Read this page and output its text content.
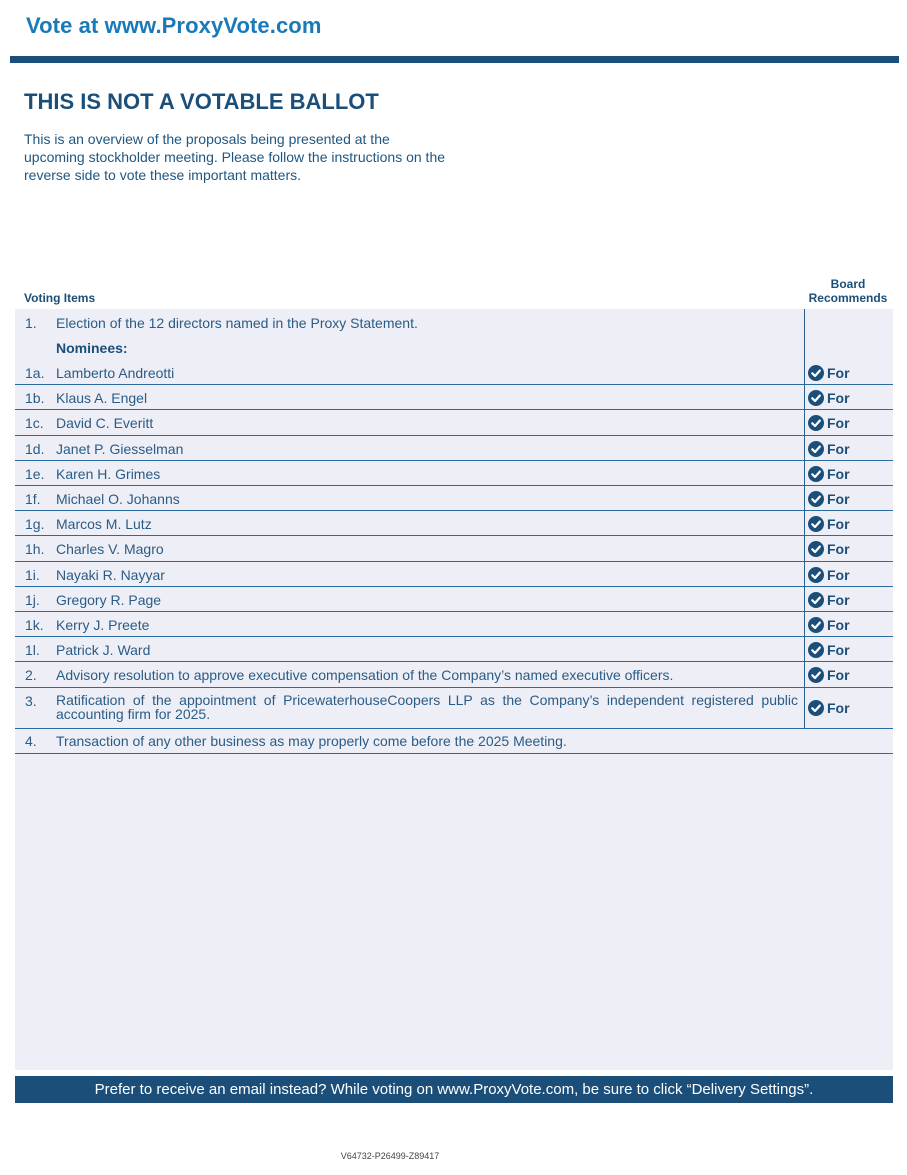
Vote at www.ProxyVote.com
THIS IS NOT A VOTABLE BALLOT
This is an overview of the proposals being presented at the upcoming stockholder meeting. Please follow the instructions on the reverse side to vote these important matters.
Voting Items
Board
Recommends
1. Election of the 12 directors named in the Proxy Statement.
Nominees:
1a. Lamberto Andreotti	For
1b. Klaus A. Engel	For
1c. David C. Everitt	For
1d. Janet P. Giesselman	For
1e. Karen H. Grimes	For
1f. Michael O. Johanns	For
1g. Marcos M. Lutz	For
1h. Charles V. Magro	For
1i. Nayaki R. Nayyar	For
1j. Gregory R. Page	For
1k. Kerry J. Preete	For
1l. Patrick J. Ward	For
2. Advisory resolution to approve executive compensation of the Company’s named executive officers.	For
3. Ratification of the appointment of PricewaterhouseCoopers LLP as the Company’s independent registered public accounting firm for 2025.	For
4. Transaction of any other business as may properly come before the 2025 Meeting.
Prefer to receive an email instead? While voting on www.ProxyVote.com, be sure to click “Delivery Settings”.
V64732-P26499-Z89417
